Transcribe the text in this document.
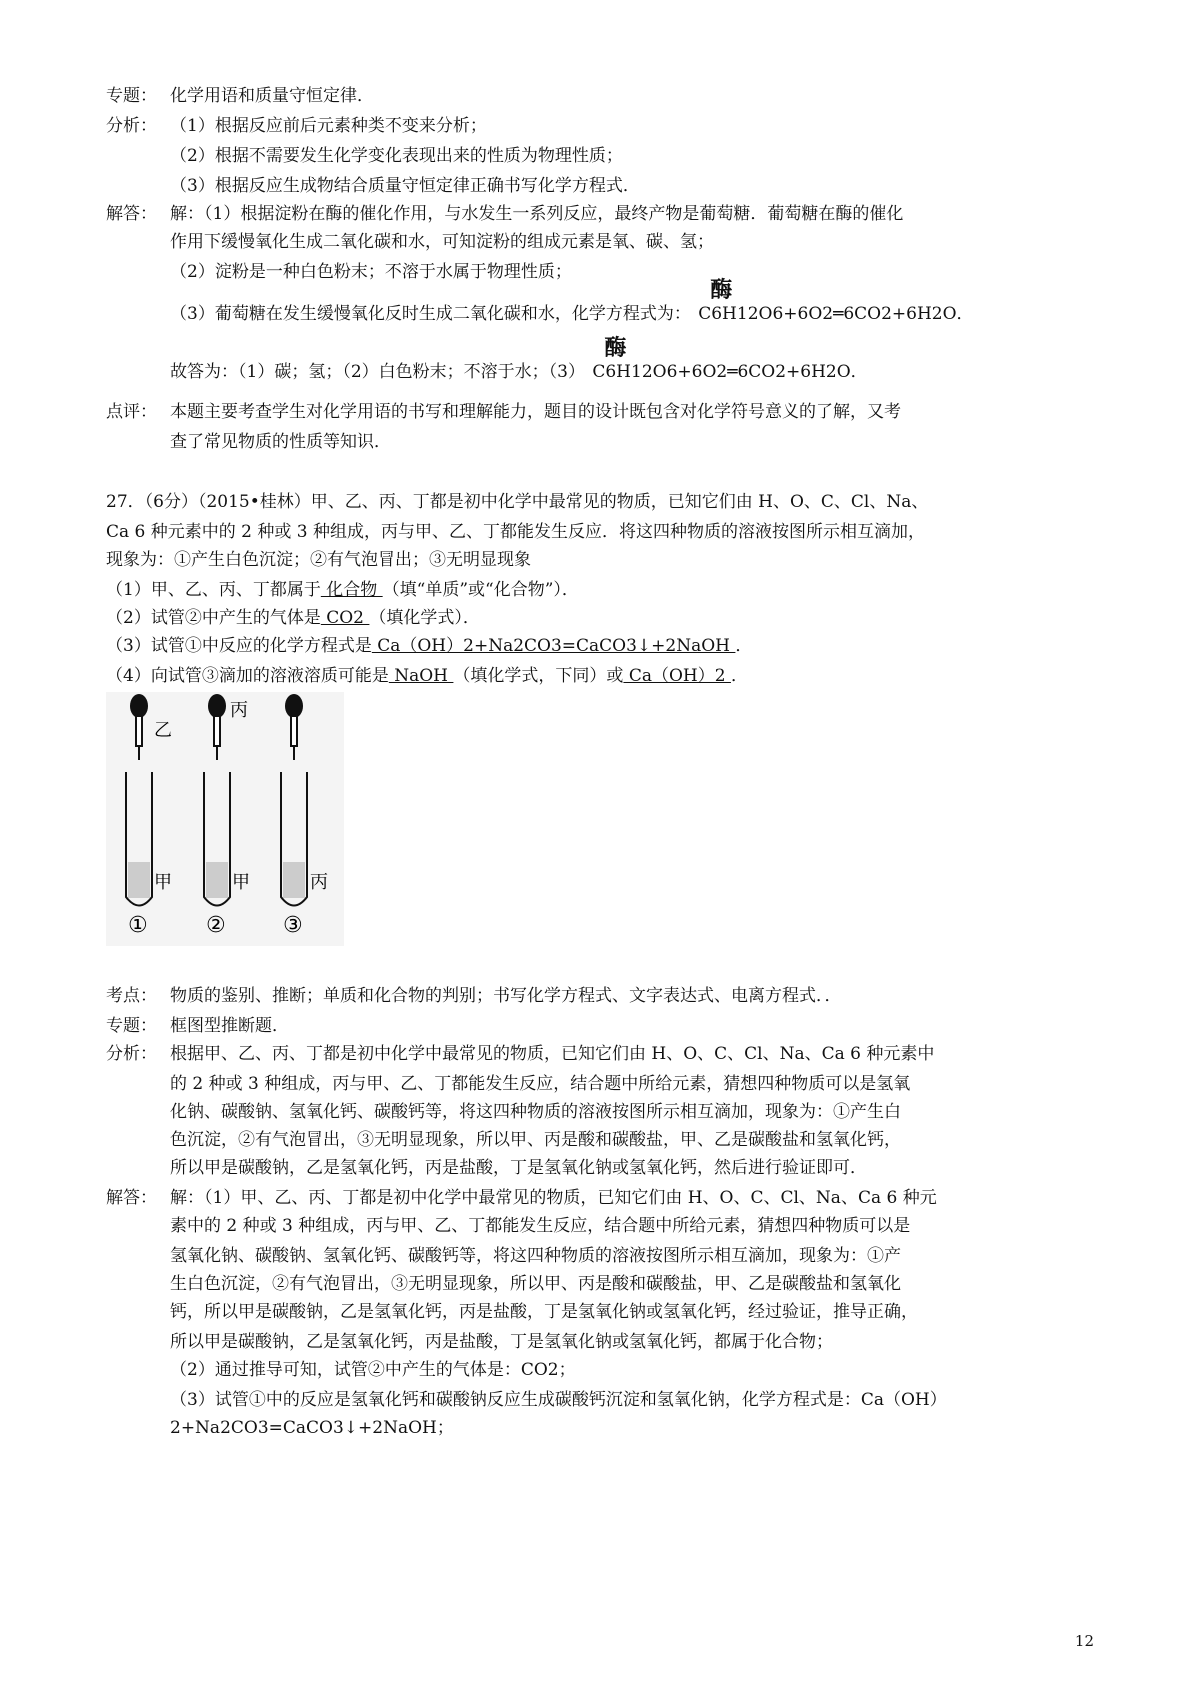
专题： 化学用语和质量守恒定律．
分析： （1）根据反应前后元素种类不变来分析；
（2）根据不需要发生化学变化表现出来的性质为物理性质；
（3）根据反应生成物结合质量守恒定律正确书写化学方程式．
解答： 解：（1）根据淀粉在酶的催化作用，与水发生一系列反应，最终产物是葡萄糖．葡萄糖在酶的催化
作用下缓慢氧化生成二氧化碳和水，可知淀粉的组成元素是氧、碳、氢；
（2）淀粉是一种白色粉末；不溶于水属于物理性质；
（3）葡萄糖在发生缓慢氧化反时生成二氧化碳和水，化学方程式为：
酶
C6H12O6+6O2═6CO2+6H2O．
故答为：（1）碳；氢；（2）白色粉末；不溶于水；（3）
酶
C6H12O6+6O2═6CO2+6H2O．
点评： 本题主要考查学生对化学用语的书写和理解能力，题目的设计既包含对化学符号意义的了解，又考
查了常见物质的性质等知识．
27．（6分）（2015•桂林）甲、乙、丙、丁都是初中化学中最常见的物质，已知它们由 H、O、C、Cl、Na、
Ca 6 种元素中的 2 种或 3 种组成，丙与甲、乙、丁都能发生反应．将这四种物质的溶液按图所示相互滴加，
现象为：①产生白色沉淀；②有气泡冒出；③无明显现象
（1）甲、乙、丙、丁都属于 化合物 （填“单质”或“化合物”）．
（2）试管②中产生的气体是 CO2 （填化学式）．
（3）试管①中反应的化学方程式是 Ca（OH）2+Na2CO3=CaCO3↓+2NaOH ．
（4）向试管③滴加的溶液溶质可能是 NaOH （填化学式，下同）或 Ca（OH）2 ．
乙
丙
甲	甲	丙
①	②	③
考点： 物质的鉴别、推断；单质和化合物的判别；书写化学方程式、文字表达式、电离方程式．．
专题： 框图型推断题．
分析： 根据甲、乙、丙、丁都是初中化学中最常见的物质，已知它们由 H、O、C、Cl、Na、Ca 6 种元素中
的 2 种或 3 种组成，丙与甲、乙、丁都能发生反应，结合题中所给元素，猜想四种物质可以是氢氧
化钠、碳酸钠、氢氧化钙、碳酸钙等，将这四种物质的溶液按图所示相互滴加，现象为：①产生白
色沉淀，②有气泡冒出，③无明显现象，所以甲、丙是酸和碳酸盐，甲、乙是碳酸盐和氢氧化钙，
所以甲是碳酸钠，乙是氢氧化钙，丙是盐酸，丁是氢氧化钠或氢氧化钙，然后进行验证即可．
解答： 解：（1）甲、乙、丙、丁都是初中化学中最常见的物质，已知它们由 H、O、C、Cl、Na、Ca 6 种元
素中的 2 种或 3 种组成，丙与甲、乙、丁都能发生反应，结合题中所给元素，猜想四种物质可以是
氢氧化钠、碳酸钠、氢氧化钙、碳酸钙等，将这四种物质的溶液按图所示相互滴加，现象为：①产
生白色沉淀，②有气泡冒出，③无明显现象，所以甲、丙是酸和碳酸盐，甲、乙是碳酸盐和氢氧化
钙，所以甲是碳酸钠，乙是氢氧化钙，丙是盐酸，丁是氢氧化钠或氢氧化钙，经过验证，推导正确，
所以甲是碳酸钠，乙是氢氧化钙，丙是盐酸，丁是氢氧化钠或氢氧化钙，都属于化合物；
（2）通过推导可知，试管②中产生的气体是：CO2；
（3）试管①中的反应是氢氧化钙和碳酸钠反应生成碳酸钙沉淀和氢氧化钠，化学方程式是：Ca（OH）
2+Na2CO3=CaCO3↓+2NaOH；
12
